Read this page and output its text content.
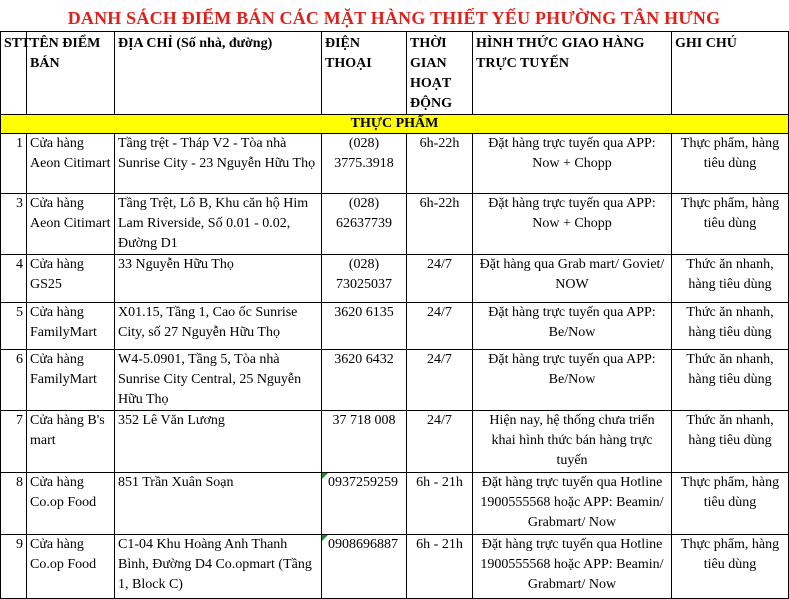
DANH SÁCH ĐIỂM BÁN CÁC MẶT HÀNG THIẾT YẾU PHƯỜNG TÂN HƯNG
STT	TÊN ĐIỂM BÁN	ĐỊA CHỈ (Số nhà, đường)	ĐIỆN THOẠI	THỜI GIAN HOẠT ĐỘNG	HÌNH THỨC GIAO HÀNG TRỰC TUYẾN	GHI CHÚ
THỰC PHẨM						
1	Cửa hàng Aeon Citimart	Tầng trệt - Tháp V2 - Tòa nhà Sunrise City - 23 Nguyễn Hữu Thọ	(028) 3775.3918	6h-22h	Đặt hàng trực tuyến qua APP: Now + Chopp	Thực phẩm, hàng tiêu dùng
3	Cửa hàng Aeon Citimart	Tầng Trệt, Lô B, Khu căn hộ Him Lam Riverside, Số 0.01 - 0.02, Đường D1	(028) 62637739	6h-22h	Đặt hàng trực tuyến qua APP: Now + Chopp	Thực phẩm, hàng tiêu dùng
4	Cửa hàng GS25	33 Nguyễn Hữu Thọ	(028) 73025037	24/7	Đặt hàng qua Grab mart/ Goviet/ NOW	Thức ăn nhanh, hàng tiêu dùng
5	Cửa hàng FamilyMart	X01.15, Tầng 1, Cao ốc Sunrise City, số 27 Nguyễn Hữu Thọ	3620 6135	24/7	Đặt hàng trực tuyến qua APP: Be/Now	Thức ăn nhanh, hàng tiêu dùng
6	Cửa hàng FamilyMart	W4-5.0901, Tầng 5, Tòa nhà Sunrise City Central, 25 Nguyễn Hữu Thọ	3620 6432	24/7	Đặt hàng trực tuyến qua APP: Be/Now	Thức ăn nhanh, hàng tiêu dùng
7	Cửa hàng B's mart	352 Lê Văn Lương	37 718 008	24/7	Hiện nay, hệ thống chưa triển khai hình thức bán hàng trực tuyến	Thức ăn nhanh, hàng tiêu dùng
8	Cửa hàng Co.op Food	851 Trần Xuân Soạn	0937259259	6h - 21h	Đặt hàng trực tuyến qua Hotline 1900555568 hoặc APP: Beamin/ Grabmart/ Now	Thực phẩm, hàng tiêu dùng
9	Cửa hàng Co.op Food	C1-04 Khu Hoàng Anh Thanh Bình, Đường D4 Co.opmart (Tầng 1, Block C)	0908696887	6h - 21h	Đặt hàng trực tuyến qua Hotline 1900555568 hoặc APP: Beamin/ Grabmart/ Now	Thực phẩm, hàng tiêu dùng
